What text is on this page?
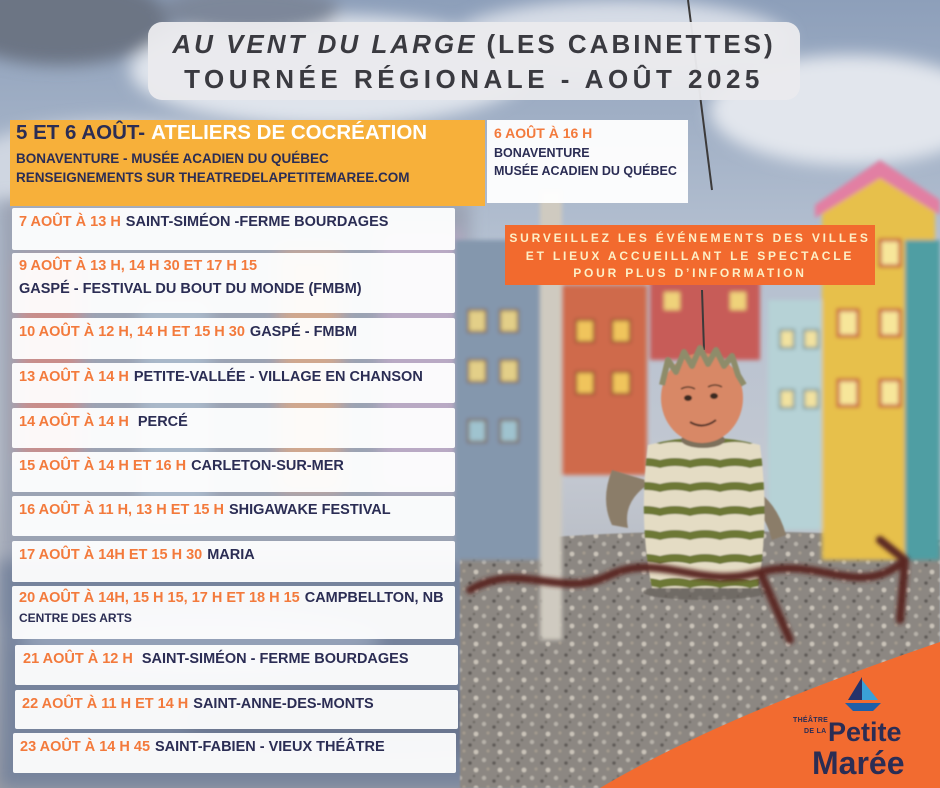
AU VENT DU LARGE (LES CABINETTES)
TOURNÉE RÉGIONALE - AOÛT 2025
5 ET 6 AOÛT- ATELIERS DE COCRÉATION
BONAVENTURE - MUSÉE ACADIEN DU QUÉBEC
RENSEIGNEMENTS SUR THEATREDELAPETITEMAREE.COM
6 AOÛT À 16 H
BONAVENTURE
MUSÉE ACADIEN DU QUÉBEC
SURVEILLEZ LES ÉVÉNEMENTS DES VILLES
ET LIEUX ACCUEILLANT LE SPECTACLE
POUR PLUS D’INFORMATION
7 AOÛT À 13 H SAINT-SIMÉON -FERME BOURDAGES
9 AOÛT À 13 H, 14 H 30 ET 17 H 15
GASPÉ - FESTIVAL DU BOUT DU MONDE (FMBM)
10 AOÛT À 12 H, 14 H ET 15 H 30 GASPÉ - FMBM
13 AOÛT À 14 H PETITE-VALLÉE - VILLAGE EN CHANSON
14 AOÛT À 14 H PERCÉ
15 AOÛT À 14 H ET 16 H CARLETON-SUR-MER
16 AOÛT À 11 H, 13 H ET 15 H SHIGAWAKE FESTIVAL
17 AOÛT À 14H ET 15 H 30 MARIA
20 AOÛT À 14H, 15 H 15, 17 H ET 18 H 15 CAMPBELLTON, NB
CENTRE DES ARTS
21 AOÛT À 12 H SAINT-SIMÉON - FERME BOURDAGES
22 AOÛT À 11 H ET 14 H SAINT-ANNE-DES-MONTS
23 AOÛT À 14 H 45 SAINT-FABIEN - VIEUX THÉÂTRE
THÉÂTRE
DE LA Petite
Marée
